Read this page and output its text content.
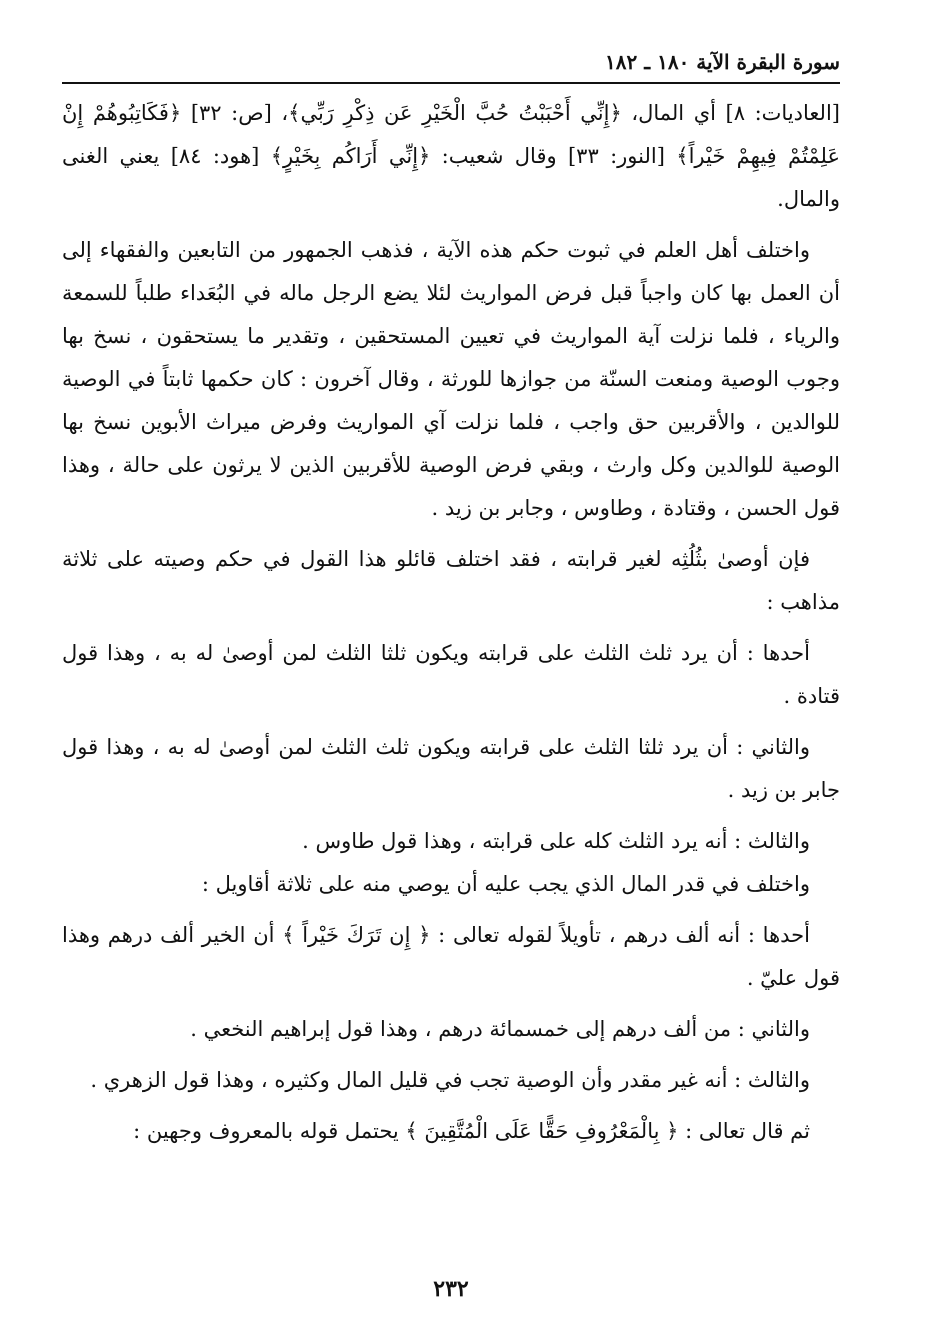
سورة البقرة الآية ١٨٠ ـ ١٨٢

[العاديات: ٨] أي المال، ﴿إِنِّي أَحْبَبْتُ حُبَّ الْخَيْرِ عَن ذِكْرِ رَبِّي﴾، [ص: ٣٢] ﴿فَكَاتِبُوهُمْ إِنْ عَلِمْتُمْ فِيهِمْ خَيْراً﴾ [النور: ٣٣] وقال شعيب: ﴿إِنِّي أَرَاكُم بِخَيْرٍ﴾ [هود: ٨٤] يعني الغنى والمال.

واختلف أهل العلم في ثبوت حكم هذه الآية ، فذهب الجمهور من التابعين والفقهاء إلى أن العمل بها كان واجباً قبل فرض المواريث لئلا يضع الرجل ماله في البُعَداء طلباً للسمعة والرياء ، فلما نزلت آية المواريث في تعيين المستحقين ، وتقدير ما يستحقون ، نسخ بها وجوب الوصية ومنعت السنّة من جوازها للورثة ، وقال آخرون : كان حكمها ثابتاً في الوصية للوالدين ، والأقربين حق واجب ، فلما نزلت آي المواريث وفرض ميراث الأبوين نسخ بها الوصية للوالدين وكل وارث ، وبقي فرض الوصية للأقربين الذين لا يرثون على حالة ، وهذا قول الحسن ، وقتادة ، وطاوس ، وجابر بن زيد .

فإن أوصىٰ بثُلُثِه لغير قرابته ، فقد اختلف قائلو هذا القول في حكم وصيته على ثلاثة مذاهب :

أحدها : أن يرد ثلث الثلث على قرابته ويكون ثلثا الثلث لمن أوصىٰ له به ، وهذا قول قتادة .

والثاني : أن يرد ثلثا الثلث على قرابته ويكون ثلث الثلث لمن أوصىٰ له به ، وهذا قول جابر بن زيد .

والثالث : أنه يرد الثلث كله على قرابته ، وهذا قول طاوس .

واختلف في قدر المال الذي يجب عليه أن يوصي منه على ثلاثة أقاويل :

أحدها : أنه ألف درهم ، تأويلاً لقوله تعالى : ﴿ إِن تَرَكَ خَيْراً ﴾ أن الخير ألف درهم وهذا قول عليّ .

والثاني : من ألف درهم إلى خمسمائة درهم ، وهذا قول إبراهيم النخعي .

والثالث : أنه غير مقدر وأن الوصية تجب في قليل المال وكثيره ، وهذا قول الزهري .

ثم قال تعالى : ﴿ بِالْمَعْرُوفِ حَقًّا عَلَى الْمُتَّقِينَ ﴾ يحتمل قوله بالمعروف وجهين :

٢٣٢
